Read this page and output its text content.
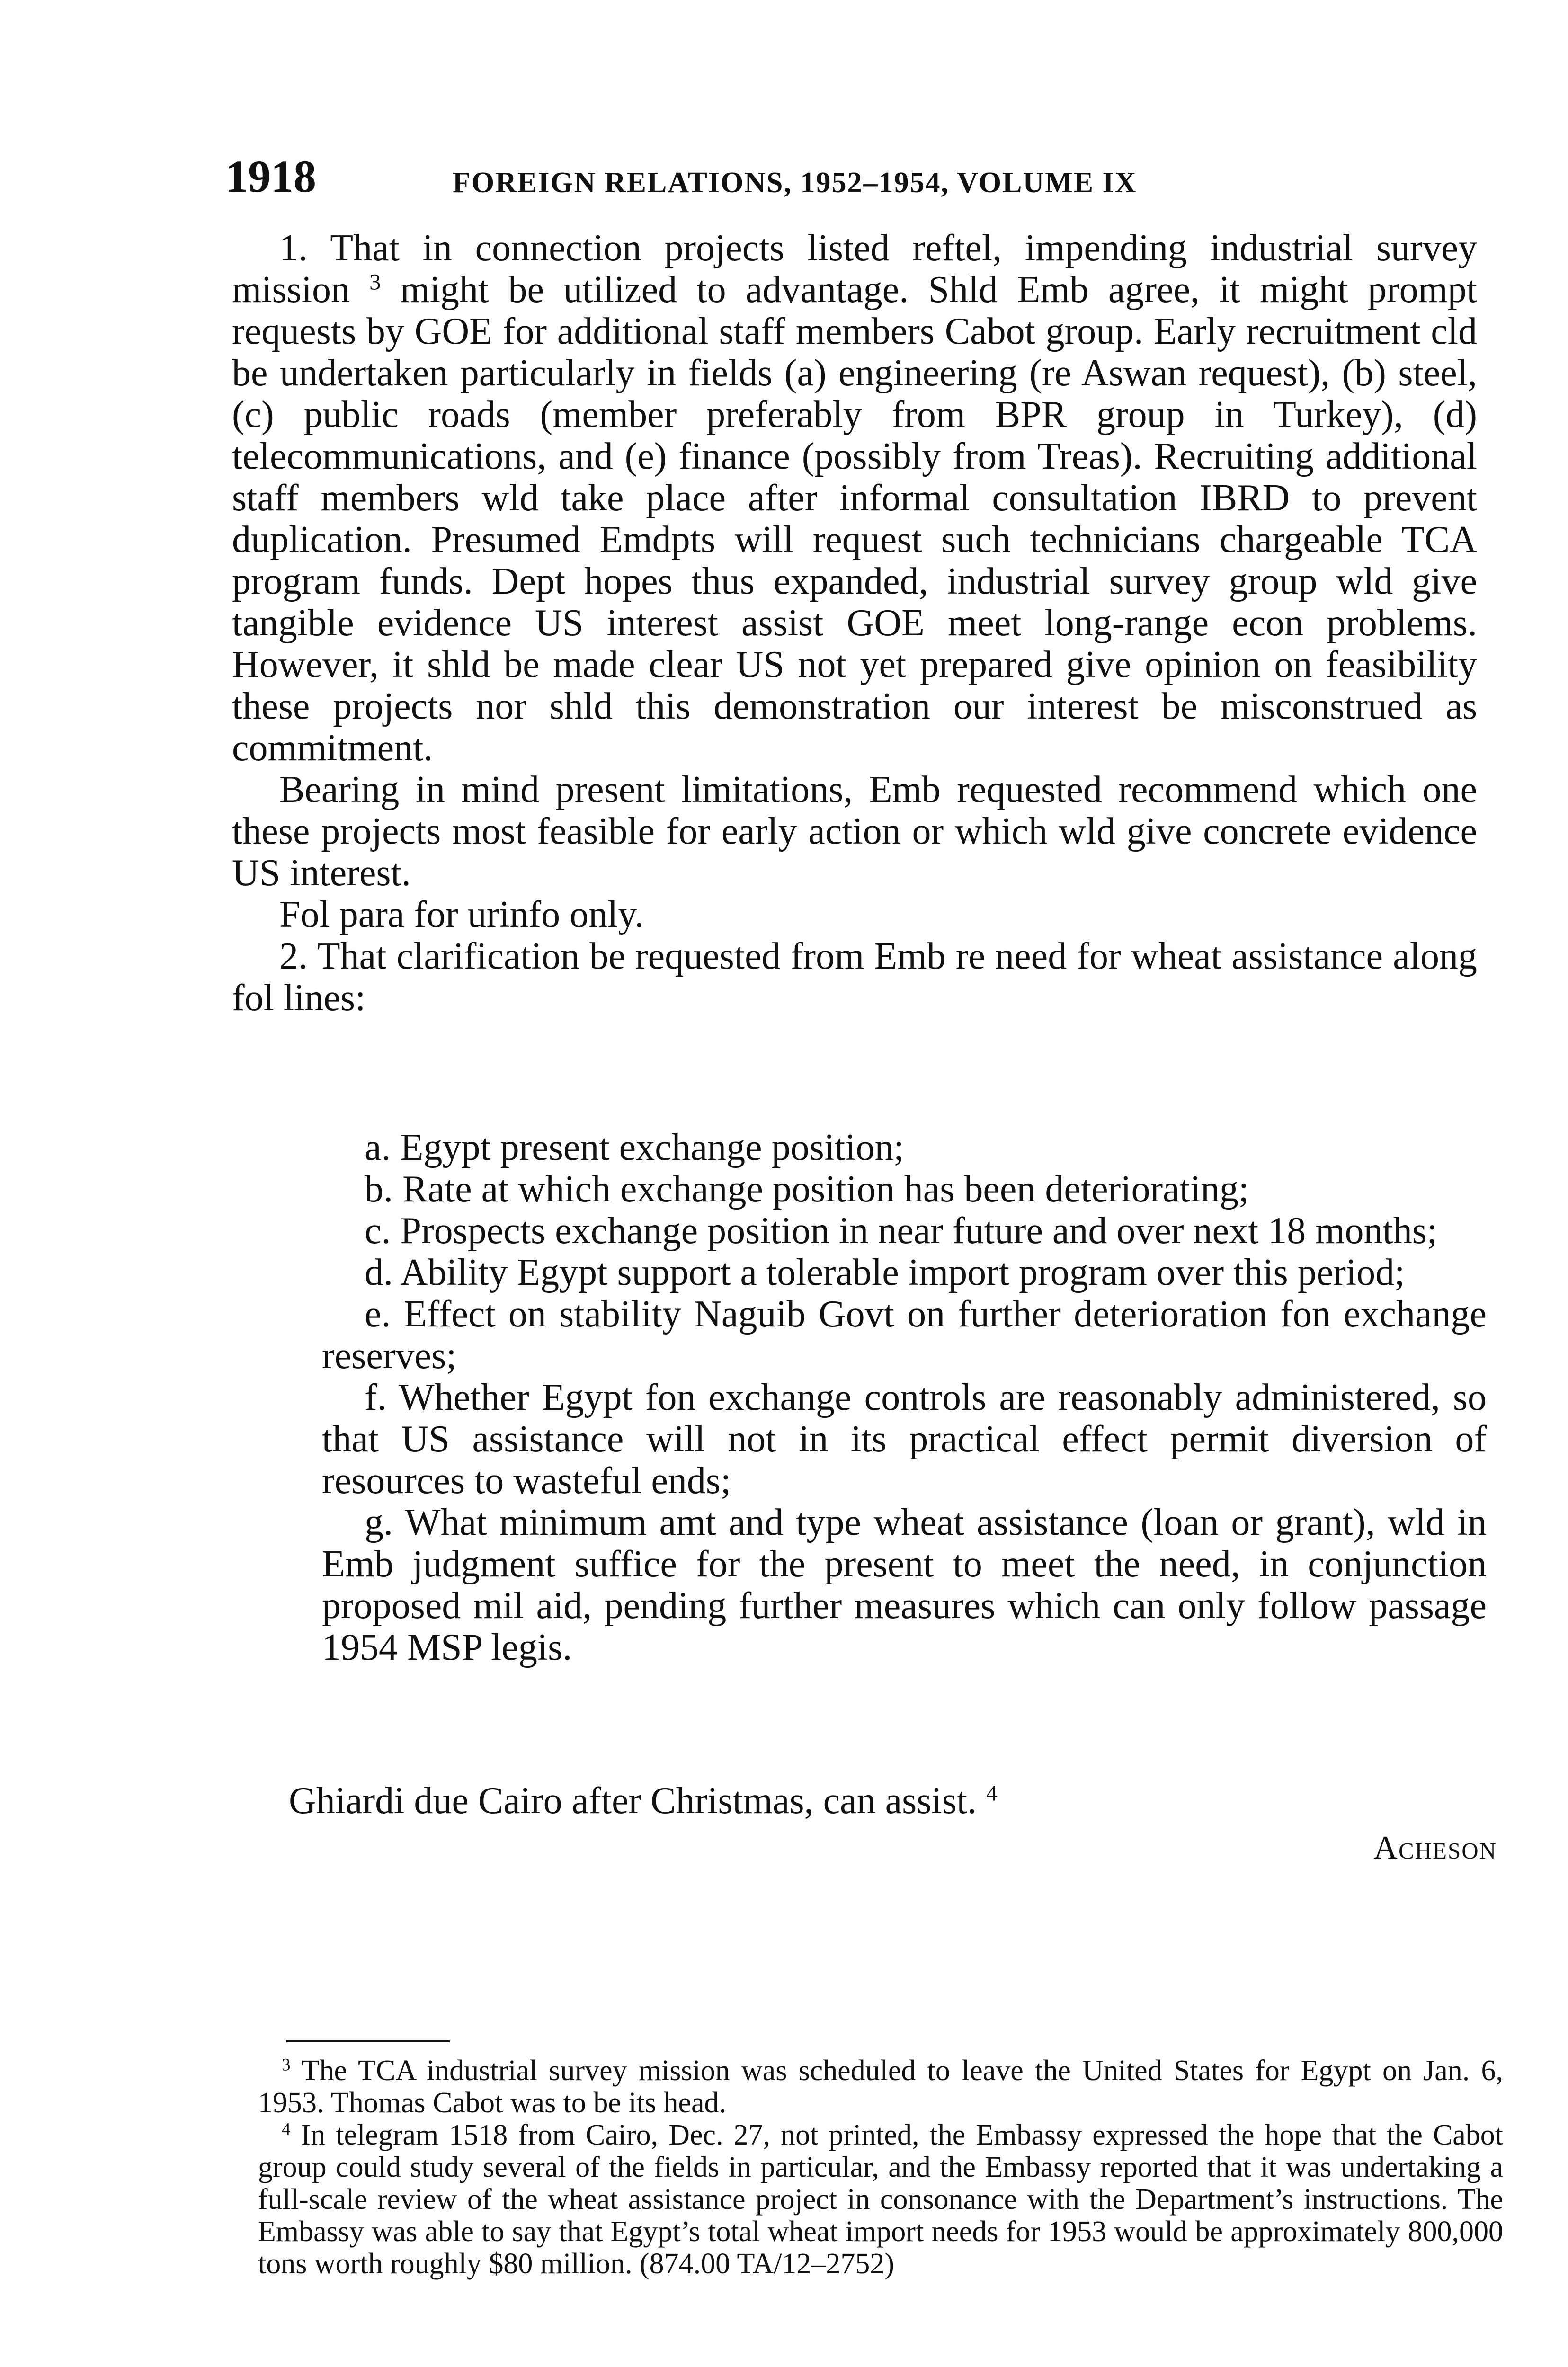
1918	FOREIGN RELATIONS, 1952–1954, VOLUME IX

1. That in connection projects listed reftel, impending industrial survey mission $^3$ might be utilized to advantage. Shld Emb agree, it might prompt requests by GOE for additional staff members Cabot group. Early recruitment cld be undertaken particularly in fields (a) engineering (re Aswan request), (b) steel, (c) public roads (member preferably from BPR group in Turkey), (d) telecommunications, and (e) finance (possibly from Treas). Recruiting additional staff members wld take place after informal consultation IBRD to prevent duplication. Presumed Emdpts will request such technicians chargeable TCA program funds. Dept hopes thus expanded, industrial survey group wld give tangible evidence US interest assist GOE meet long-range econ problems. However, it shld be made clear US not yet prepared give opinion on feasibility these projects nor shld this demonstration our interest be misconstrued as commitment.

Bearing in mind present limitations, Emb requested recommend which one these projects most feasible for early action or which wld give concrete evidence US interest.

Fol para for urinfo only.

2. That clarification be requested from Emb re need for wheat assistance along fol lines:

a. Egypt present exchange position;

b. Rate at which exchange position has been deteriorating;

c. Prospects exchange position in near future and over next 18 months;

d. Ability Egypt support a tolerable import program over this period;

e. Effect on stability Naguib Govt on further deterioration fon exchange reserves;

f. Whether Egypt fon exchange controls are reasonably administered, so that US assistance will not in its practical effect permit diversion of resources to wasteful ends;

g. What minimum amt and type wheat assistance (loan or grant), wld in Emb judgment suffice for the present to meet the need, in conjunction proposed mil aid, pending further measures which can only follow passage 1954 MSP legis.

Ghiardi due Cairo after Christmas, can assist. $^4$

Acheson

$^3$ The TCA industrial survey mission was scheduled to leave the United States for Egypt on Jan. 6, 1953. Thomas Cabot was to be its head.

$^4$ In telegram 1518 from Cairo, Dec. 27, not printed, the Embassy expressed the hope that the Cabot group could study several of the fields in particular, and the Embassy reported that it was undertaking a full-scale review of the wheat assistance project in consonance with the Department’s instructions. The Embassy was able to say that Egypt’s total wheat import needs for 1953 would be approximately 800,000 tons worth roughly $80 million. (874.00 TA/12–2752)
